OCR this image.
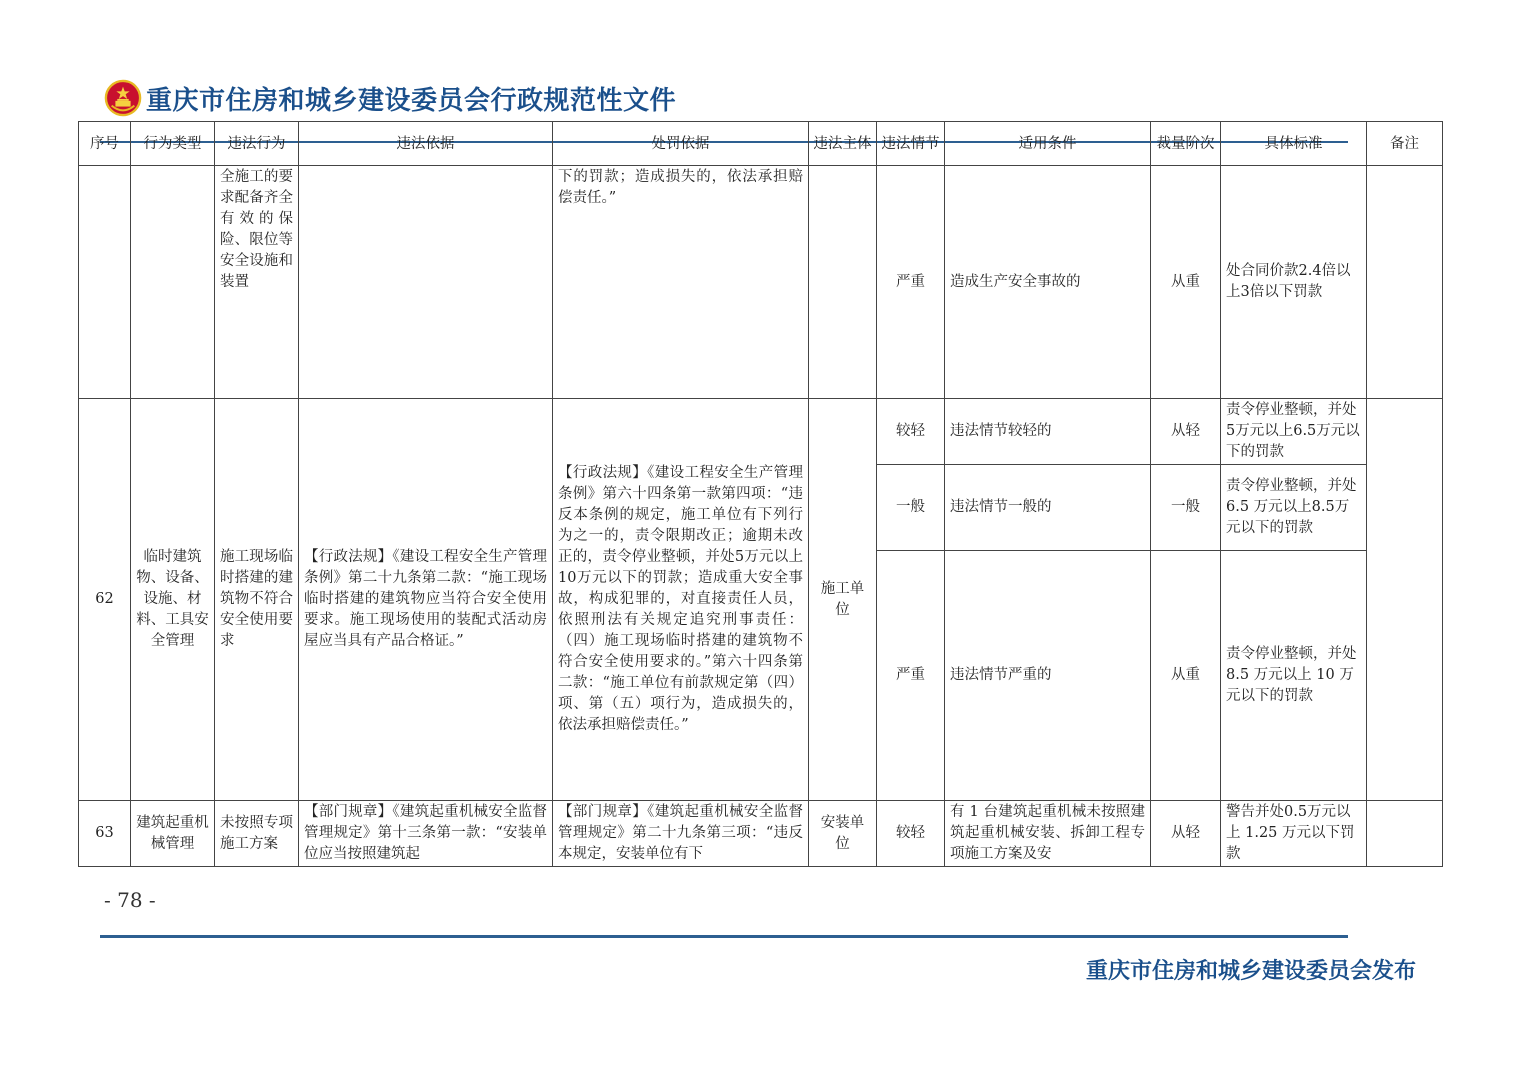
重庆市住房和城乡建设委员会行政规范性文件
序号	行为类型	违法行为	违法依据	处罚依据	违法主体	违法情节	适用条件	裁量阶次	具体标准	备注
		全施工的要求配备齐全有效的保险、限位等安全设施和装置		下的罚款；造成损失的，依法承担赔偿责任。”		严重	造成生产安全事故的	从重	处合同价款2.4倍以上3倍以下罚款	
62	临时建筑物、设备、设施、材料、工具安全管理	施工现场临时搭建的建筑物不符合安全使用要求	【行政法规】《建设工程安全生产管理条例》第二十九条第二款：“施工现场临时搭建的建筑物应当符合安全使用要求。施工现场使用的装配式活动房屋应当具有产品合格证。”	【行政法规】《建设工程安全生产管理条例》第六十四条第一款第四项：“违反本条例的规定，施工单位有下列行为之一的，责令限期改正；逾期未改正的，责令停业整顿，并处5万元以上10万元以下的罚款；造成重大安全事故，构成犯罪的，对直接责任人员，依照刑法有关规定追究刑事责任：（四）施工现场临时搭建的建筑物不符合安全使用要求的。”第六十四条第二款：“施工单位有前款规定第（四）项、第（五）项行为，造成损失的，依法承担赔偿责任。”	施工单位	较轻	违法情节较轻的	从轻	责令停业整顿，并处5万元以上6.5万元以下的罚款	
						一般	违法情节一般的	一般	责令停业整顿，并处 6.5 万元以上8.5万元以下的罚款	
						严重	违法情节严重的	从重	责令停业整顿，并处 8.5 万元以上 10 万元以下的罚款	
63	建筑起重机械管理	未按照专项施工方案	【部门规章】《建筑起重机械安全监督管理规定》第十三条第一款：“安装单位应当按照建筑起	【部门规章】《建筑起重机械安全监督管理规定》第二十九条第三项：“违反本规定，安装单位有下	安装单位	较轻	有 1 台建筑起重机械未按照建筑起重机械安装、拆卸工程专项施工方案及安	从轻	警告并处0.5万元以上 1.25 万元以下罚款	
- 78 -
重庆市住房和城乡建设委员会发布
